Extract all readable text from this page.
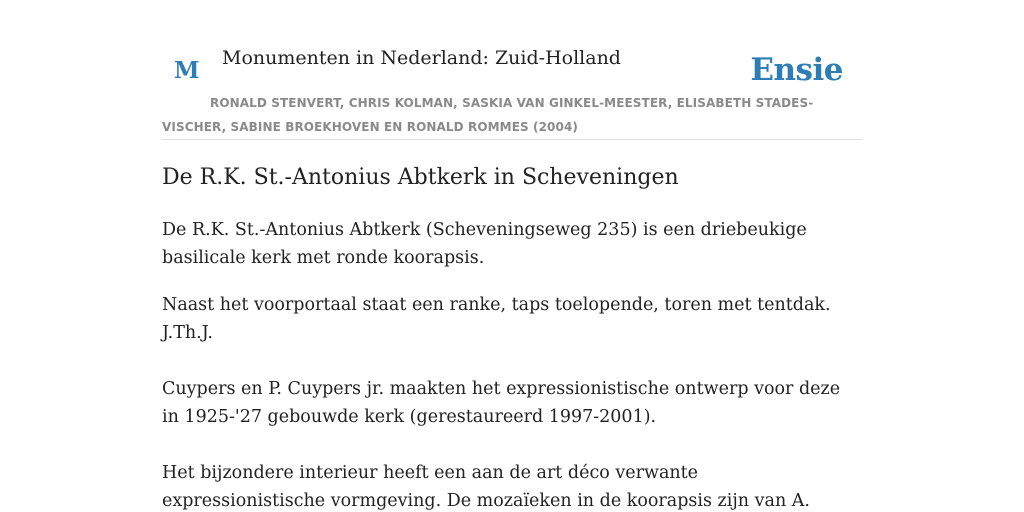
M Monumenten in Nederland: Zuid-Holland	Ensie
RONALD STENVERT, CHRIS KOLMAN, SASKIA VAN GINKEL-MEESTER, ELISABETH STADES-VISCHER, SABINE BROEKHOVEN EN RONALD ROMMES (2004)
De R.K. St.-Antonius Abtkerk in Scheveningen

De R.K. St.-Antonius Abtkerk (Scheveningseweg 235) is een driebeukige basilicale kerk met ronde koorapsis.

Naast het voorportaal staat een ranke, taps toelopende, toren met tentdak. J.Th.J.

Cuypers en P. Cuypers jr. maakten het expressionistische ontwerp voor deze in 1925-'27 gebouwde kerk (gerestaureerd 1997-2001).

Het bijzondere interieur heeft een aan de art déco verwante expressionistische vormgeving. De mozaïeken in de koorapsis zijn van A.
